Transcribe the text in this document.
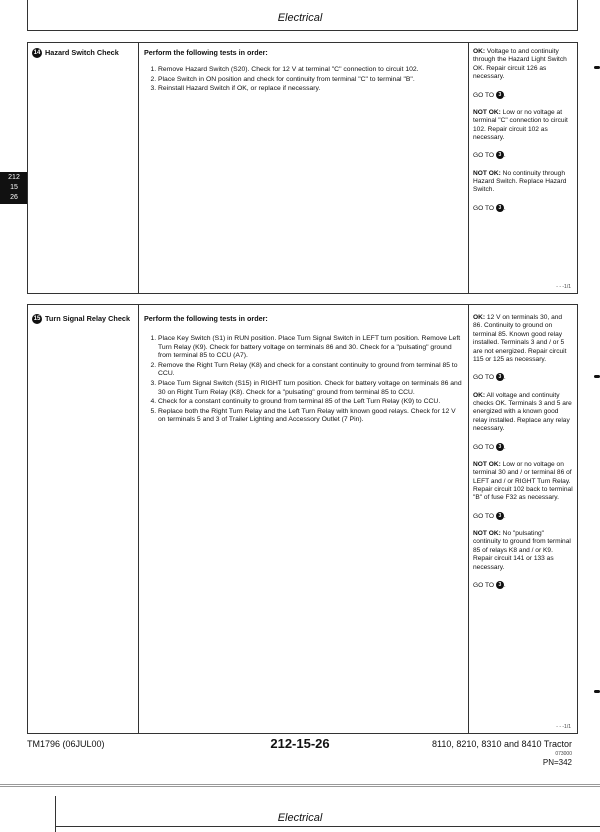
Electrical
212
15
26
14 Hazard Switch Check	Perform the following tests in order:
1. Remove Hazard Switch (S20). Check for 12 V at terminal "C" connection to circuit 102.
2. Place Switch in ON position and check for continuity from terminal "C" to terminal "B".
3. Reinstall Hazard Switch if OK, or replace if necessary.

OK: Voltage to and continuity through the Hazard Light Switch OK. Repair circuit 126 as necessary.

GO TO 3 .

NOT OK: Low or no voltage at terminal "C" connection to circuit 102. Repair circuit 102 as necessary.

GO TO 3 .

NOT OK: No continuity through Hazard Switch. Replace Hazard Switch.

GO TO 3 .
- - -1/1
15 Turn Signal Relay Check	Perform the following tests in order:
1. Place Key Switch (S1) in RUN position. Place Turn Signal Switch in LEFT turn position. Remove Left Turn Relay (K9). Check for battery voltage on terminals 86 and 30. Check for a "pulsating" ground from terminal 85 to CCU (A7).
2. Remove the Right Turn Relay (K8) and check for a constant continuity to ground from terminal 85 to CCU.
3. Place Turn Signal Switch (S15) in RIGHT turn position. Check for battery voltage on terminals 86 and 30 on Right Turn Relay (K8). Check for a "pulsating" ground from terminal 85 to CCU.
4. Check for a constant continuity to ground from terminal 85 of the Left Turn Relay (K9) to CCU.
5. Replace both the Right Turn Relay and the Left Turn Relay with known good relays. Check for 12 V on terminals 5 and 3 of Trailer Lighting and Accessory Outlet (7 Pin).

OK: 12 V on terminals 30, and 86. Continuity to ground on terminal 85. Known good relay installed. Terminals 3 and / or 5 are not energized. Repair circuit 115 or 125 as necessary.

GO TO 3 .

OK: All voltage and continuity checks OK. Terminals 3 and 5 are energized with a known good relay installed. Replace any relay necessary.

GO TO 3 .

NOT OK: Low or no voltage on terminal 30 and / or terminal 86 of LEFT and / or RIGHT Turn Relay. Repair circuit 102 back to terminal "B" of fuse F32 as necessary.

GO TO 3 .

NOT OK: No "pulsating" continuity to ground from terminal 85 of relays K8 and / or K9. Repair circuit 141 or 133 as necessary.

GO TO 3 .
- - -1/1
TM1796 (06JUL00)	212-15-26	8110, 8210, 8310 and 8410 Tractor
073000
PN=342
Electrical
